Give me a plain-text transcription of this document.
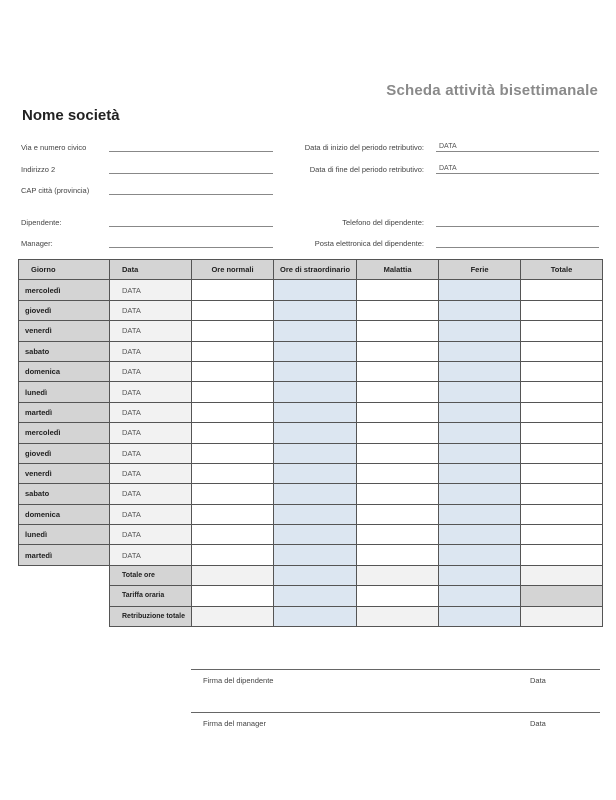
Scheda attività bisettimanale
Nome società
Via e numero civico
Indirizzo 2
CAP città (provincia)
Dipendente:
Manager:
Data di inizio del periodo retributivo: DATA
Data di fine del periodo retributivo: DATA
Telefono del dipendente:
Posta elettronica del dipendente:
Giorno	Data	Ore normali	Ore di straordinario	Malattia	Ferie	Totale
mercoledì	DATA					
giovedì	DATA					
venerdì	DATA					
sabato	DATA					
domenica	DATA					
lunedì	DATA					
martedì	DATA					
mercoledì	DATA					
giovedì	DATA					
venerdì	DATA					
sabato	DATA					
domenica	DATA					
lunedì	DATA					
martedì	DATA					
	Totale ore					
	Tariffa oraria					
	Retribuzione totale					
Firma del dipendente	Data
Firma del manager	Data
